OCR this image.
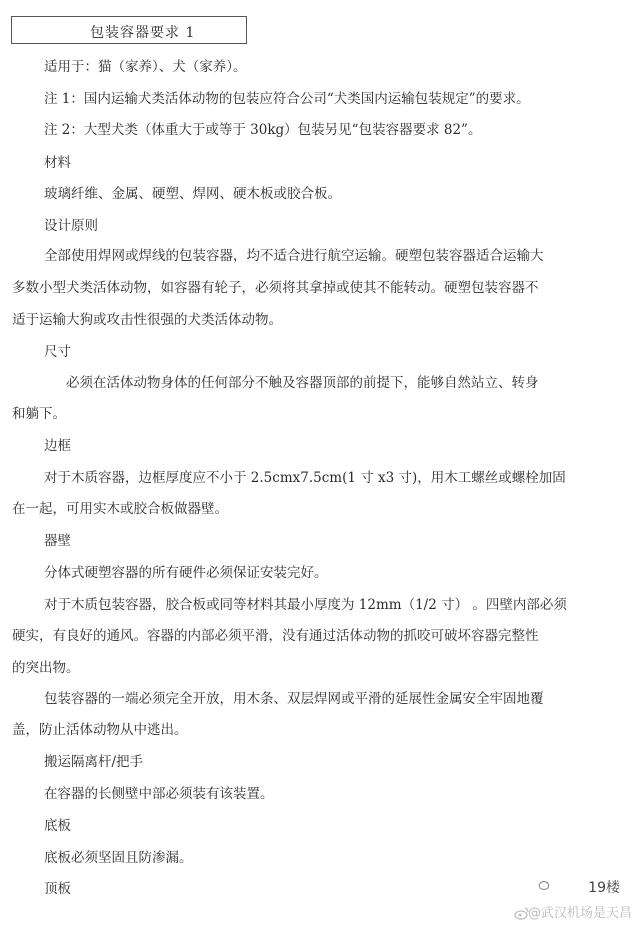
包装容器要求 1
适用于：猫（家养）、犬（家养）。
注 1：国内运输犬类活体动物的包装应符合公司“犬类国内运输包装规定”的要求。
注 2：大型犬类（体重大于或等于 30kg）包装另见“包装容器要求 82”。
材料
玻璃纤维、金属、硬塑、焊网、硬木板或胶合板。
设计原则
全部使用焊网或焊线的包装容器，均不适合进行航空运输。硬塑包装容器适合运输大
多数小型犬类活体动物，如容器有轮子，必须将其拿掉或使其不能转动。硬塑包装容器不
适于运输大狗或攻击性很强的犬类活体动物。
尺寸
必须在活体动物身体的任何部分不触及容器顶部的前提下，能够自然站立、转身
和躺下。
边框
对于木质容器，边框厚度应不小于 2.5cmx7.5cm(1 寸 x3 寸)，用木工螺丝或螺栓加固
在一起，可用实木或胶合板做器壁。
器壁
分体式硬塑容器的所有硬件必须保证安装完好。
对于木质包装容器，胶合板或同等材料其最小厚度为 12mm（1/2 寸） 。四壁内部必须
硬实，有良好的通风。容器的内部必须平滑，没有通过活体动物的抓咬可破坏容器完整性
的突出物。
包装容器的一端必须完全开放，用木条、双层焊网或平滑的延展性金属安全牢固地覆
盖，防止活体动物从中逃出。
搬运隔离杆/把手
在容器的长侧壁中部必须装有该装置。
底板
底板必须坚固且防渗漏。
顶板	19楼
@武汉机场是天昌
